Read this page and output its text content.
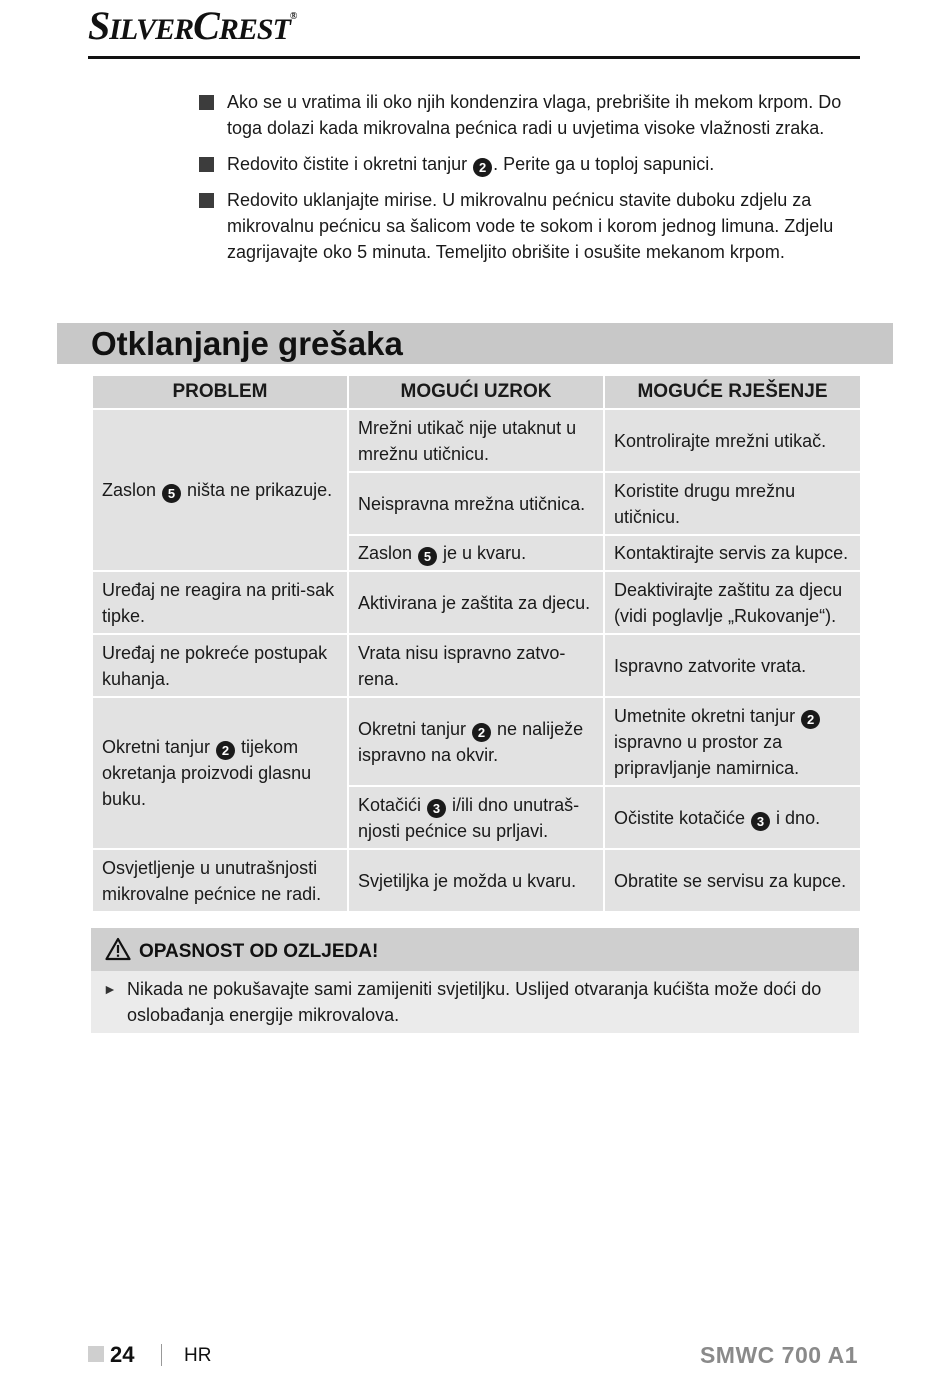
SILVERCREST®
Ako se u vratima ili oko njih kondenzira vlaga, prebrišite ih mekom krpom. Do toga dolazi kada mikrovalna pećnica radi u uvjetima visoke vlažnosti zraka.
Redovito čistite i okretni tanjur 2 . Perite ga u toploj sapunici.
Redovito uklanjajte mirise. U mikrovalnu pećnicu stavite duboku zdjelu za mikrovalnu pećnicu sa šalicom vode te sokom i korom jednog limuna. Zdjelu zagrijavajte oko 5 minuta. Temeljito obrišite i osušite mekanom krpom.
Otklanjanje grešaka
PROBLEM	MOGUĆI UZROK	MOGUĆE RJEŠENJE
Zaslon 5 ništa ne prikazuje.	Mrežni utikač nije utaknut u mrežnu utičnicu.	Kontrolirajte mrežni utikač.
	Neispravna mrežna utičnica.	Koristite drugu mrežnu utičnicu.
	Zaslon 5 je u kvaru.	Kontaktirajte servis za kupce.
Uređaj ne reagira na priti-sak tipke.	Aktivirana je zaštita za djecu.	Deaktivirajte zaštitu za djecu (vidi poglavlje „Rukovanje“).
Uređaj ne pokreće postupak kuhanja.	Vrata nisu ispravno zatvo-rena.	Ispravno zatvorite vrata.
Okretni tanjur 2 tijekom okretanja proizvodi glasnu buku.	Okretni tanjur 2 ne naliježe ispravno na okvir.	Umetnite okretni tanjur 2 ispravno u prostor za pripravljanje namirnica.
	Kotačići 3 i/ili dno unutraš-njosti pećnice su prljavi.	Očistite kotačiće 3 i dno.
Osvjetljenje u unutrašnjosti mikrovalne pećnice ne radi.	Svjetiljka je možda u kvaru.	Obratite se servisu za kupce.
OPASNOST OD OZLJEDA!
► Nikada ne pokušavajte sami zamijeniti svjetiljku. Uslijed otvaranja kućišta može doći do oslobađanja energije mikrovalova.
24	HR	SMWC 700 A1
